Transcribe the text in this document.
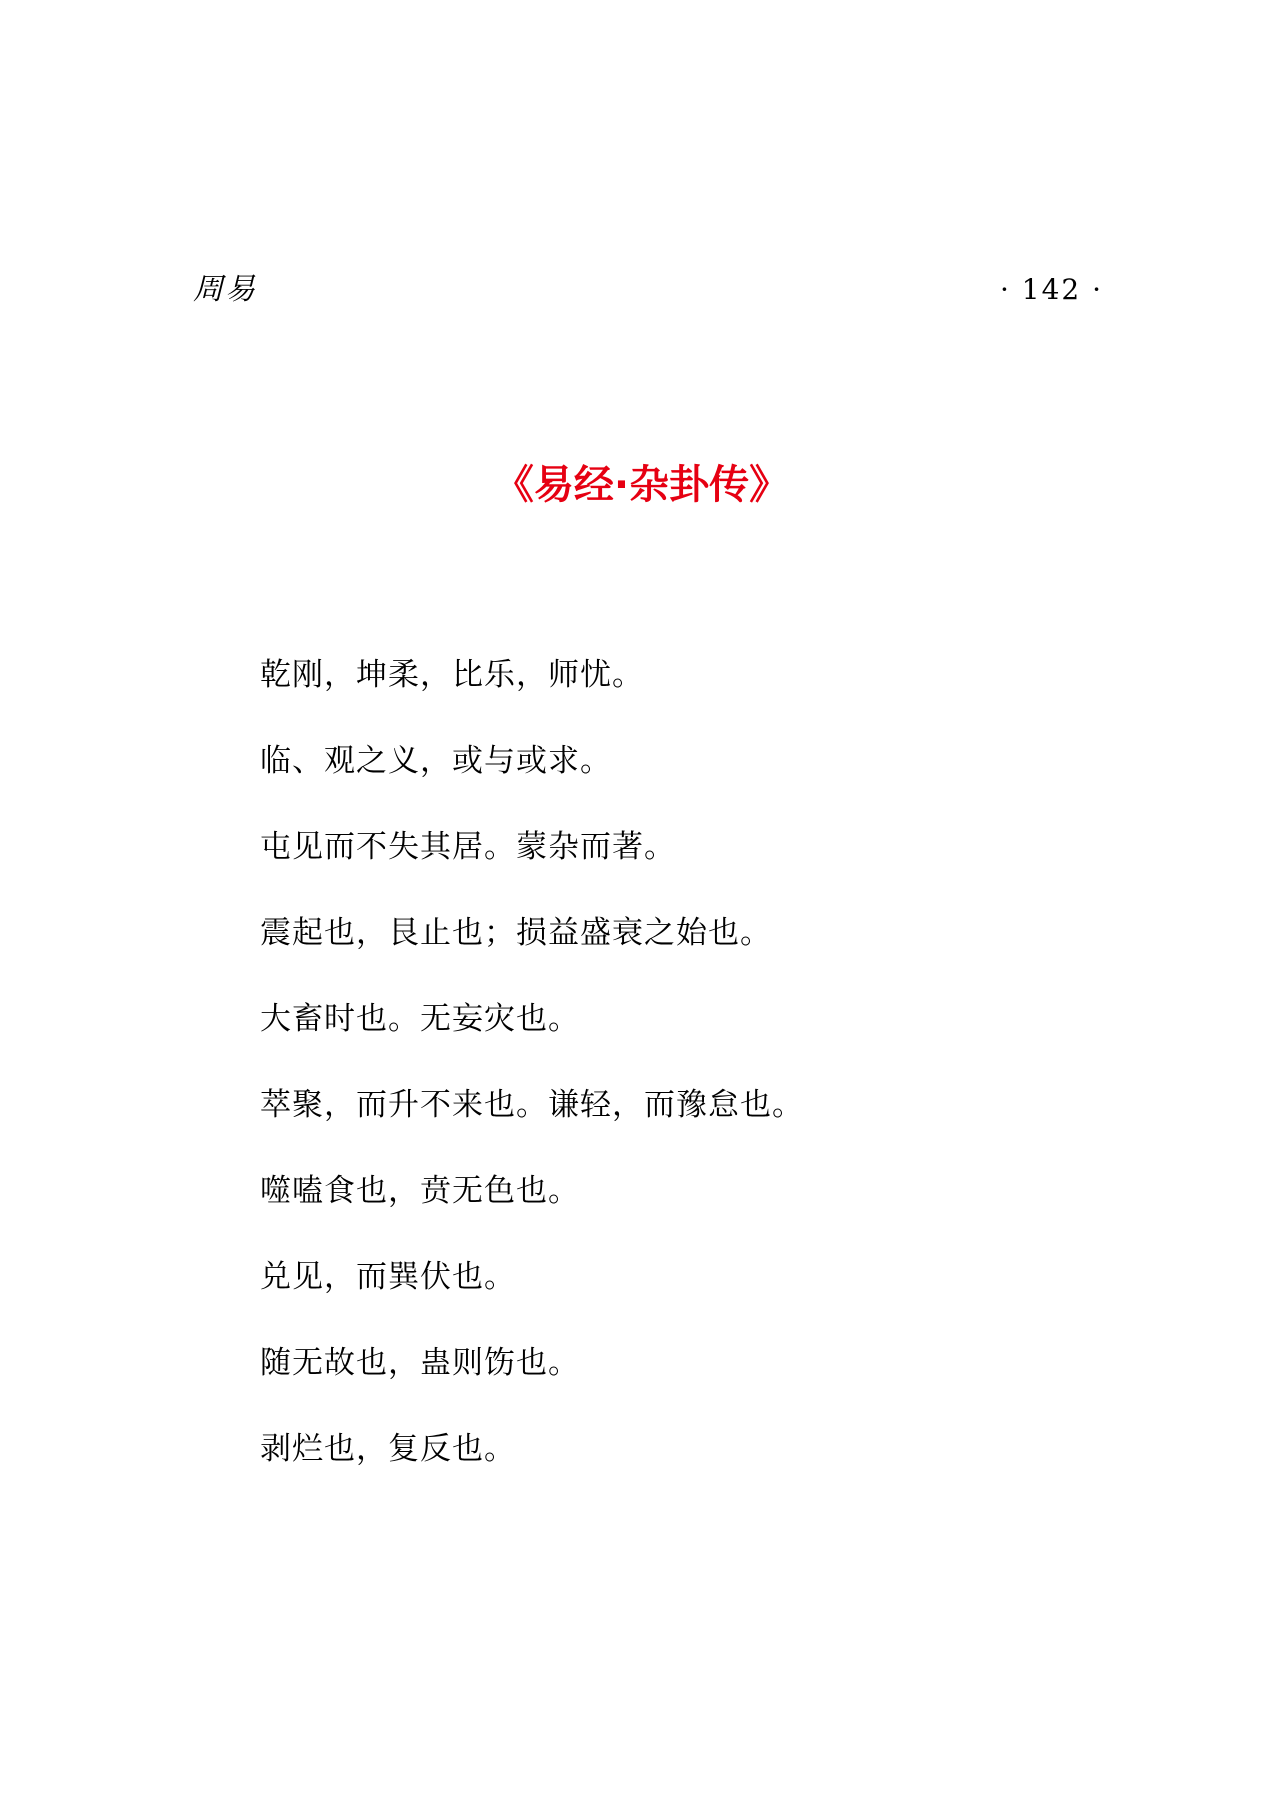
周易	· 142 ·
《易经·杂卦传》
乾刚，坤柔，比乐，师忧。
临、观之义，或与或求。
屯见而不失其居。蒙杂而著。
震起也，艮止也；损益盛衰之始也。
大畜时也。无妄灾也。
萃聚，而升不来也。谦轻，而豫怠也。
噬嗑食也，贲无色也。
兑见，而巽伏也。
随无故也，蛊则饬也。
剥烂也，复反也。
